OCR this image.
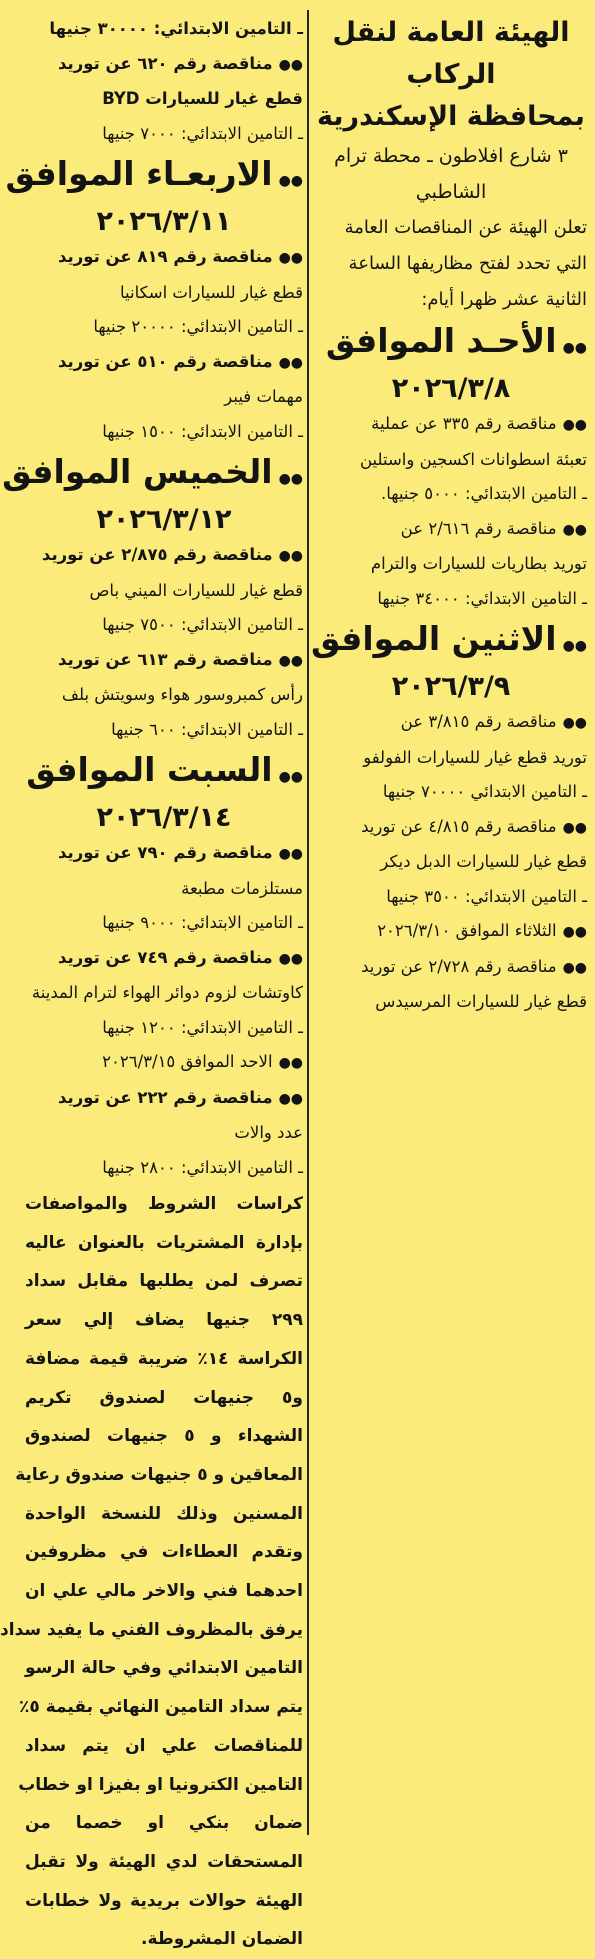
الهيئة العامة لنقل الركاب
بمحافظة الإسكندرية
٣ شارع افلاطون ـ محطة ترام
الشاطبي
تعلن الهيئة عن المناقصات العامة
التي تحدد لفتح مظاريفها الساعة
الثانية عشر ظهرا أيام:
●●الأحـد الموافق
٢٠٢٦/٣/٨
●●مناقصة رقم ٣٣٥ عن عملية
تعبئة اسطوانات اكسجين واستلين
ـ التامين الابتدائي: ٥٠٠٠ جنيها.
●●مناقصة رقم ٢/٦١٦ عن
توريد بطاريات للسيارات والترام
ـ التامين الابتدائي: ٣٤٠٠٠ جنيها
●●الاثنين الموافق
٢٠٢٦/٣/٩
●●مناقصة رقم ٣/٨١٥ عن
توريد قطع غيار للسيارات الفولفو
ـ التامين الابتدائي ٧٠٠٠٠ جنيها
●●مناقصة رقم ٤/٨١٥ عن توريد
قطع غيار للسيارات الدبل ديكر
ـ التامين الابتدائي: ٣٥٠٠ جنيها
●●الثلاثاء الموافق ٢٠٢٦/٣/١٠
●●مناقصة رقم ٢/٧٢٨ عن توريد
قطع غيار للسيارات المرسيدس
ـ التامين الابتدائي: ٣٠٠٠٠ جنيها
●●مناقصة رقم ٦٢٠ عن توريد
قطع غيار للسيارات BYD
ـ التامين الابتدائي: ٧٠٠٠ جنيها
●●الاربعـاء الموافق
٢٠٢٦/٣/١١
●●مناقصة رقم ٨١٩ عن توريد
قطع غيار للسيارات اسكانيا
ـ التامين الابتدائي: ٢٠٠٠٠ جنيها
●●مناقصة رقم ٥١٠ عن توريد
مهمات فيبر
ـ التامين الابتدائي: ١٥٠٠ جنيها
●●الخميس الموافق
٢٠٢٦/٣/١٢
●●مناقصة رقم ٢/٨٧٥ عن توريد
قطع غيار للسيارات الميني باص
ـ التامين الابتدائي: ٧٥٠٠ جنيها
●●مناقصة رقم ٦١٣ عن توريد
رأس كمبروسور هواء وسويتش بلف
ـ التامين الابتدائي: ٦٠٠ جنيها
●●السبت الموافق
٢٠٢٦/٣/١٤
●●مناقصة رقم ٧٩٠ عن توريد
مستلزمات مطبعة
ـ التامين الابتدائي: ٩٠٠٠ جنيها
●●مناقصة رقم ٧٤٩ عن توريد
كاوتشات لزوم دوائر الهواء لترام المدينة
ـ التامين الابتدائي: ١٢٠٠ جنيها
●●الاحد الموافق ٢٠٢٦/٣/١٥
●●مناقصة رقم ٢٢٢ عن توريد
عدد والات
ـ التامين الابتدائي: ٢٨٠٠ جنيها
كراسات الشروط والمواصفات
بإدارة المشتريات بالعنوان عاليه
تصرف لمن يطلبها مقابل سداد
٢٩٩ جنيها يضاف إلي سعر
الكراسة ١٤٪ ضريبة قيمة مضافة
و٥ جنيهات لصندوق تكريم
الشهداء و ٥ جنيهات لصندوق
المعاقين و ٥ جنيهات صندوق رعاية
المسنين وذلك للنسخة الواحدة
وتقدم العطاءات في مظروفين
احدهما فني والاخر مالي علي ان
يرفق بالمظروف الفني ما يفيد سداد
التامين الابتدائي وفي حالة الرسو
يتم سداد التامين النهائي بقيمة ٥٪
للمناقصات علي ان يتم سداد
التامين الكترونيا او بفيزا او خطاب
ضمان بنكي او خصما من
المستحقات لدي الهيئة ولا تقبل
الهيئة حوالات بريدية ولا خطابات
الضمان المشروطة.
